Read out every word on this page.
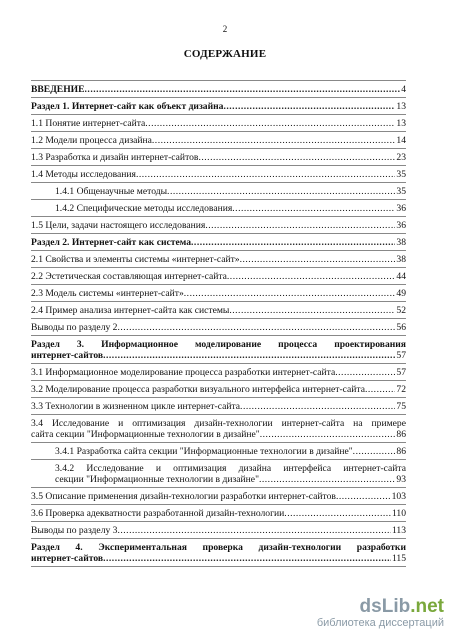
2
СОДЕРЖАНИЕ
ВВЕДЕНИЕ .....	4
Раздел 1. Интернет-сайт как объект дизайна .....	13
1.1 Понятие интернет-сайта .....	13
1.2 Модели процесса дизайна .....	14
1.3 Разработка и дизайн интернет-сайтов .....	23
1.4 Методы исследования .....	35
1.4.1 Общенаучные методы .....	35
1.4.2 Специфические методы исследования .....	36
1.5 Цели, задачи настоящего исследования .....	36
Раздел 2. Интернет-сайт как система .....	38
2.1 Свойства и элементы системы «интернет-сайт» .....	38
2.2 Эстетическая составляющая интернет-сайта .....	44
2.3 Модель системы «интернет-сайт» .....	49
2.4 Пример анализа интернет-сайта как системы .....	52
Выводы по разделу 2 .....	56
Раздел 3. Информационное моделирование процесса проектирования
интернет-сайтов .....	57
3.1 Информационное моделирование процесса разработки интернет-сайта .....	57
3.2 Моделирование процесса разработки визуального интерфейса интернет-сайта .....	72
3.3 Технологии в жизненном цикле интернет-сайта .....	75
3.4 Исследование и оптимизация дизайн-технологии интернет-сайта на примере
сайта секции "Информационные технологии в дизайне" .....	86
3.4.1 Разработка сайта секции "Информационные технологии в дизайне" .....	86
3.4.2 Исследование и оптимизация дизайна интерфейса интернет-сайта
секции "Информационные технологии в дизайне" .....	93
3.5 Описание применения дизайн-технологии разработки интернет-сайтов .....	103
3.6 Проверка адекватности разработанной дизайн-технологии .....	110
Выводы по разделу 3 .....	113
Раздел 4. Экспериментальная проверка дизайн-технологии разработки
интернет-сайтов .....	115
dsLib.net
библиотека диссертаций
